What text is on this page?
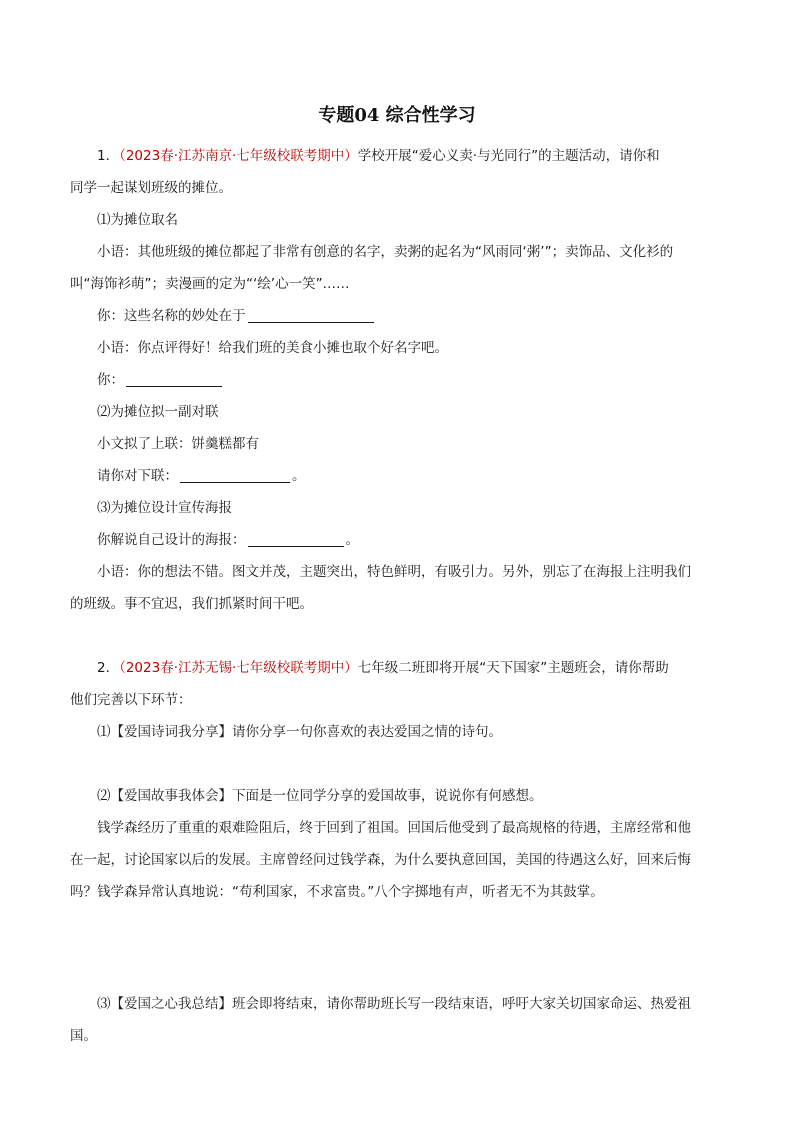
专题04 综合性学习
1．（2023春·江苏南京·七年级校联考期中）学校开展“爱心义卖·与光同行”的主题活动，请你和
同学一起谋划班级的摊位。
⑴为摊位取名
小语：其他班级的摊位都起了非常有创意的名字，卖粥的起名为“风雨同‘粥’”；卖饰品、文化衫的
叫“海饰衫萌”；卖漫画的定为“‘绘’心一笑”……
你：这些名称的妙处在于
小语：你点评得好！给我们班的美食小摊也取个好名字吧。
你：
⑵为摊位拟一副对联
小文拟了上联：饼羹糕都有
请你对下联：	。
⑶为摊位设计宣传海报
你解说自己设计的海报：	。
小语：你的想法不错。图文并茂，主题突出，特色鲜明，有吸引力。另外，别忘了在海报上注明我们
的班级。事不宜迟，我们抓紧时间干吧。
2．（2023春·江苏无锡·七年级校联考期中）七年级二班即将开展“天下国家”主题班会，请你帮助
他们完善以下环节：
⑴【爱国诗词我分享】请你分享一句你喜欢的表达爱国之情的诗句。
⑵【爱国故事我体会】下面是一位同学分享的爱国故事，说说你有何感想。
钱学森经历了重重的艰难险阻后，终于回到了祖国。回国后他受到了最高规格的待遇，主席经常和他
在一起，讨论国家以后的发展。主席曾经问过钱学森，为什么要执意回国，美国的待遇这么好，回来后悔
吗？钱学森异常认真地说：“苟利国家，不求富贵。”八个字掷地有声，听者无不为其鼓掌。
⑶【爱国之心我总结】班会即将结束，请你帮助班长写一段结束语，呼吁大家关切国家命运、热爱祖
国。
